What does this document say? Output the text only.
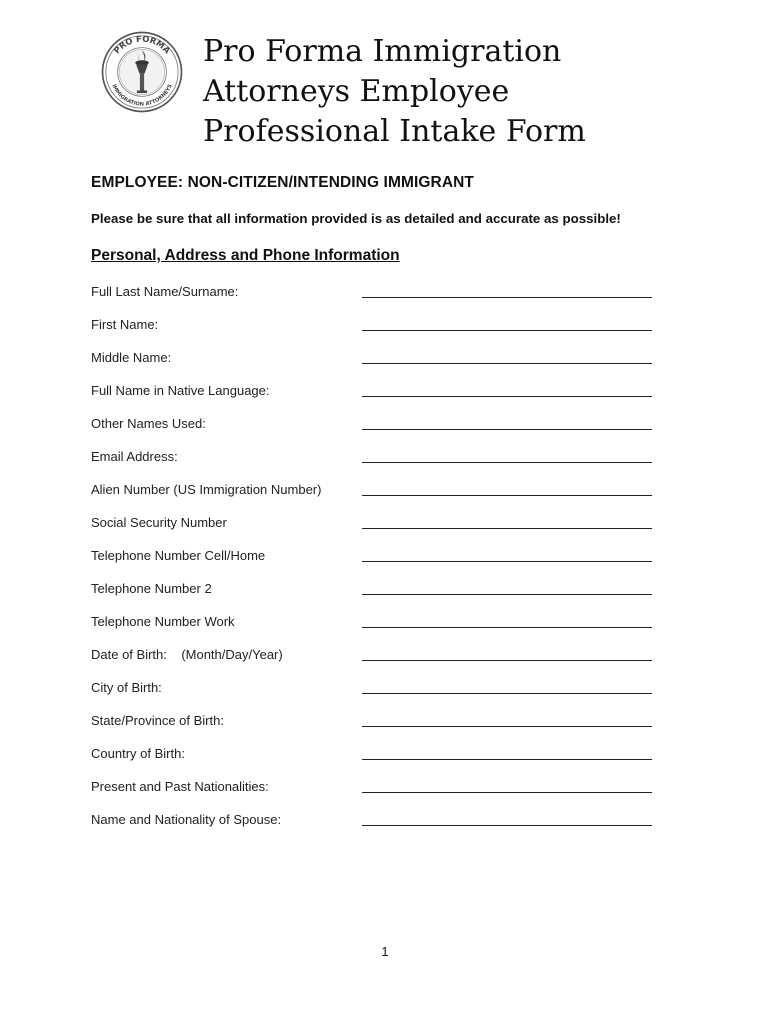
PRO FORMA
IMMIGRATION ATTORNEYS
Pro Forma Immigration
Attorneys Employee
Professional Intake Form

EMPLOYEE: NON-CITIZEN/INTENDING IMMIGRANT

Please be sure that all information provided is as detailed and accurate as possible!

Personal, Address and Phone Information
Full Last Name/Surname:
First Name:
Middle Name:
Full Name in Native Language:
Other Names Used:
Email Address:
Alien Number (US Immigration Number)
Social Security Number
Telephone Number Cell/Home
Telephone Number 2
Telephone Number Work
Date of Birth:    (Month/Day/Year)
City of Birth:
State/Province of Birth:
Country of Birth:
Present and Past Nationalities:
Name and Nationality of Spouse:
1
